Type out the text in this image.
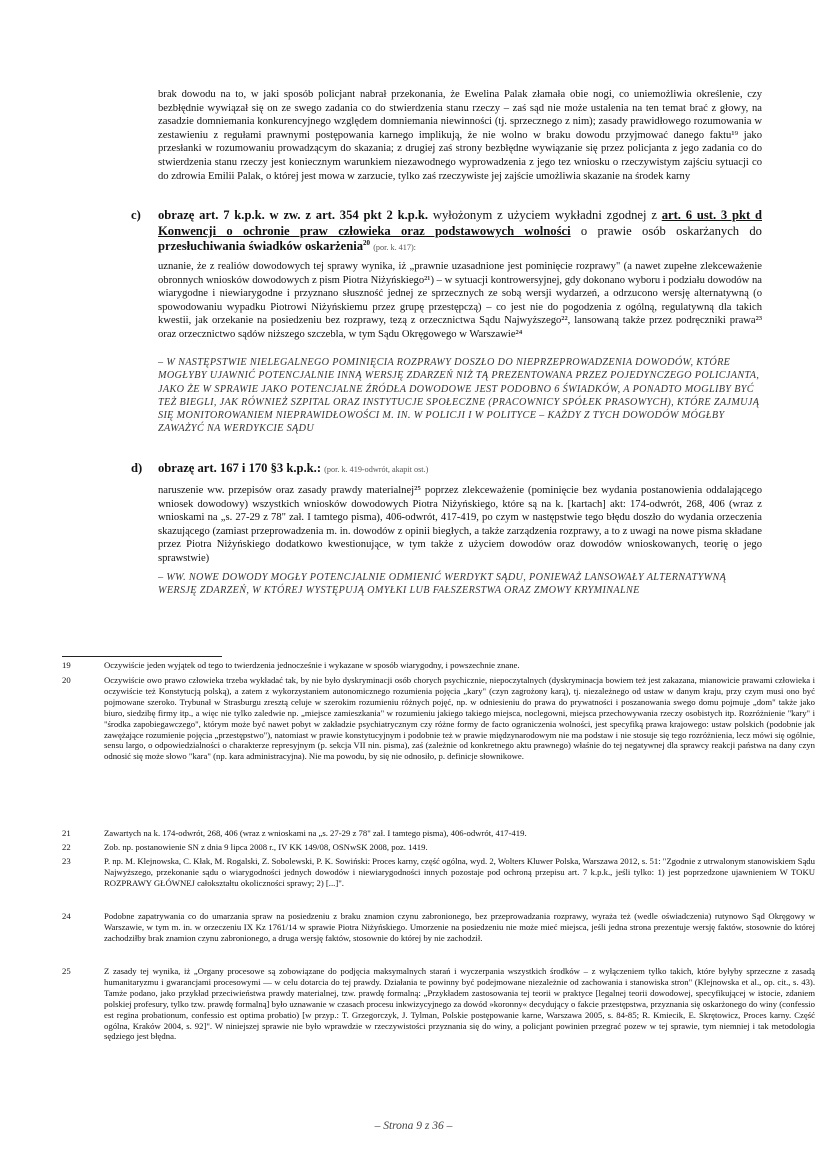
brak dowodu na to, w jaki sposób policjant nabrał przekonania, że Ewelina Palak złamała obie nogi, co uniemożliwia określenie, czy bezbłędnie wywiązał się on ze swego zadania co do stwierdzenia stanu rzeczy – zaś sąd nie może ustalenia na ten temat brać z głowy, na zasadzie domniemania konkurencyjnego względem domniemania niewinności (tj. sprzecznego z nim); zasady prawidłowego rozumowania w zestawieniu z regułami prawnymi postępowania karnego implikują, że nie wolno w braku dowodu przyjmować danego faktu¹⁹ jako przesłanki w rozumowaniu prowadzącym do skazania; z drugiej zaś strony bezbłędne wywiązanie się przez policjanta z jego zadania co do stwierdzenia stanu rzeczy jest koniecznym warunkiem niezawodnego wyprowadzenia z jego tez wniosku o rzeczywistym zajściu sytuacji co do zdrowia Emilii Palak, o której jest mowa w zarzucie, tylko zaś rzeczywiste jej zajście umożliwia skazanie na środek karny

c) obrazę art. 7 k.p.k. w zw. z art. 354 pkt 2 k.p.k. wyłożonym z użyciem wykładni zgodnej z art. 6 ust. 3 pkt d Konwencji o ochronie praw człowieka oraz podstawowych wolności o prawie osób oskarżanych do przesłuchiwania świadków oskarżenia$^{20}$ (por. k. 417):

uznanie, że z realiów dowodowych tej sprawy wynika, iż „prawnie uzasadnione jest pominięcie rozprawy" (a nawet zupełne zlekceważenie obronnych wniosków dowodowych z pism Piotra Niżyńskiego²¹) – w sytuacji kontrowersyjnej, gdy dokonano wyboru i podziału dowodów na wiarygodne i niewiarygodne i przyznano słuszność jednej ze sprzecznych ze sobą wersji wydarzeń, a odrzucono wersję alternatywną (o spowodowaniu wypadku Piotrowi Niżyńskiemu przez grupę przestępczą) – co jest nie do pogodzenia z ogólną, regulatywną dla takich kwestii, jak orzekanie na posiedzeniu bez rozprawy, tezą z orzecznictwa Sądu Najwyższego²², lansowaną także przez podręczniki prawa²³ oraz orzecznictwo sądów niższego szczebla, w tym Sądu Okręgowego w Warszawie²⁴

– W NASTĘPSTWIE NIELEGALNEGO POMINIĘCIA ROZPRAWY DOSZŁO DO NIEPRZEPROWADZENIA DOWODÓW, KTÓRE MOGŁYBY UJAWNIĆ POTENCJALNIE INNĄ WERSJĘ ZDARZEŃ NIŻ TĄ PREZENTOWANA PRZEZ POJEDYNCZEGO POLICJANTA, JAKO ŻE W SPRAWIE JAKO POTENCJALNE ŹRÓDŁA DOWODOWE JEST PODOBNO 6 ŚWIADKÓW, A PONADTO MOGLIBY BYĆ TEŻ BIEGLI, JAK RÓWNIEŻ SZPITAL ORAZ INSTYTUCJE SPOŁECZNE (PRACOWNICY SPÓŁEK PRASOWYCH), KTÓRE ZAJMUJĄ SIĘ MONITOROWANIEM NIEPRAWIDŁOWOŚCI M. IN. W POLICJI I W POLITYCE – KAŻDY Z TYCH DOWODÓW MÓGŁBY ZAWAŻYĆ NA WERDYKCIE SĄDU

d) obrazę art. 167 i 170 §3 k.p.k.: (por. k. 419-odwrót, akapit ost.)

naruszenie ww. przepisów oraz zasady prawdy materialnej²⁵ poprzez zlekceważenie (pominięcie bez wydania postanowienia oddalającego wniosek dowodowy) wszystkich wniosków dowodowych Piotra Niżyńskiego, które są na k. [kartach] akt: 174-odwrót, 268, 406 (wraz z wnioskami na „s. 27-29 z 78" zał. I tamtego pisma), 406-odwrót, 417-419, po czym w następstwie tego błędu doszło do wydania orzeczenia skazującego (zamiast przeprowadzenia m. in. dowodów z opinii biegłych, a także zarządzenia rozprawy, a to z uwagi na nowe pisma składane przez Piotra Niżyńskiego dodatkowo kwestionujące, w tym także z użyciem dowodów oraz dowodów wnioskowanych, teorię o jego sprawstwie)

– WW. NOWE DOWODY MOGŁY POTENCJALNIE ODMIENIĆ WERDYKT SĄDU, PONIEWAŻ LANSOWAŁY ALTERNATYWNĄ WERSJĘ ZDARZEŃ, W KTÓREJ WYSTĘPUJĄ OMYŁKI LUB FAŁSZERSTWA ORAZ ZMOWY KRYMINALNE

19	Oczywiście jeden wyjątek od tego to twierdzenia jednocześnie i wykazane w sposób wiarygodny, i powszechnie znane.
20	Oczywiście owo prawo człowieka trzeba wykładać tak, by nie było dyskryminacji osób chorych psychicznie, niepoczytalnych (dyskryminacja bowiem też jest zakazana, mianowicie prawami człowieka i oczywiście też Konstytucją polską), a zatem z wykorzystaniem autonomicznego rozumienia pojęcia „kary" (czyn zagrożony karą), tj. niezależnego od ustaw w danym kraju, przy czym musi ono być pojmowane szeroko. Trybunał w Strasburgu zresztą celuje w szerokim rozumieniu różnych pojęć, np. w odniesieniu do prawa do prywatności i poszanowania swego domu pojmuje „dom" także jako biuro, siedzibę firmy itp., a więc nie tylko zaledwie np. „miejsce zamieszkania" w rozumieniu jakiego takiego miejsca, noclegowni, miejsca przechowywania rzeczy osobistych itp. Rozróżnienie "kary" i "środka zapobiegawczego", którym może być nawet pobyt w zakładzie psychiatrycznym czy różne formy de facto ograniczenia wolności, jest specyfiką prawa krajowego: ustaw polskich (podobnie jak zawężające rozumienie pojęcia „przestępstwo"), natomiast w prawie konstytucyjnym i podobnie też w prawie międzynarodowym nie ma podstaw i nie stosuje się tego rozróżnienia, lecz mówi się ogólnie, sensu largo, o odpowiedzialności o charakterze represyjnym (p. sekcja VII nin. pisma), zaś (zależnie od konkretnego aktu prawnego) właśnie do tej negatywnej dla sprawcy reakcji państwa na dany czyn odnosić się może słowo "kara" (np. kara administracyjna). Nie ma powodu, by się nie odnosiło, p. definicje słownikowe.
21	Zawartych na k. 174-odwrót, 268, 406 (wraz z wnioskami na „s. 27-29 z 78" zał. I tamtego pisma), 406-odwrót, 417-419.
22	Zob. np. postanowienie SN z dnia 9 lipca 2008 r., IV KK 149/08, OSNwSK 2008, poz. 1419.
23	P. np. M. Klejnowska, C. Kłak, M. Rogalski, Z. Sobolewski, P. K. Sowiński: Proces karny, część ogólna, wyd. 2, Wolters Kluwer Polska, Warszawa 2012, s. 51: "Zgodnie z utrwalonym stanowiskiem Sądu Najwyższego, przekonanie sądu o wiarygodności jednych dowodów i niewiarygodności innych pozostaje pod ochroną przepisu art. 7 k.p.k., jeśli tylko: 1) jest poprzedzone ujawnieniem W TOKU ROZPRAWY GŁÓWNEJ całokształtu okoliczności sprawy; 2) [...]".
24	Podobne zapatrywania co do umarzania spraw na posiedzeniu z braku znamion czynu zabronionego, bez przeprowadzania rozprawy, wyraża też (wedle oświadczenia) rutynowo Sąd Okręgowy w Warszawie, w tym m. in. w orzeczeniu IX Kz 1761/14 w sprawie Piotra Niżyńskiego. Umorzenie na posiedzeniu nie może mieć miejsca, jeśli jedna strona prezentuje wersję faktów, stosownie do której zachodziłby brak znamion czynu zabronionego, a druga wersję faktów, stosownie do której by nie zachodził.
25	Z zasady tej wynika, iż „Organy procesowe są zobowiązane do podjęcia maksymalnych starań i wyczerpania wszystkich środków – z wyłączeniem tylko takich, które byłyby sprzeczne z zasadą humanitaryzmu i gwarancjami procesowymi — w celu dotarcia do tej prawdy. Działania te powinny być podejmowane niezależnie od zachowania i stanowiska stron" (Klejnowska et al., op. cit., s. 43). Tamże podano, jako przykład przeciwieństwa prawdy materialnej, tzw. prawdę formalną: „Przykładem zastosowania tej teorii w praktyce [legalnej teorii dowodowej, specyfikującej w istocie, zdaniem polskiej profesury, tylko tzw. prawdę formalną] było uznawanie w czasach procesu inkwizycyjnego za dowód »koronny« decydujący o fakcie przestępstwa, przyznania się oskarżonego do winy (confessio est regina probationum, confessio est optima probatio) [w przyp.: T. Grzegorczyk, J. Tylman, Polskie postępowanie karne, Warszawa 2005, s. 84-85; R. Kmiecik, E. Skrętowicz, Proces karny. Część ogólna, Kraków 2004, s. 92]". W niniejszej sprawie nie było wprawdzie w rzeczywistości przyznania się do winy, a policjant powinien przegrać pozew w tej sprawie, tym niemniej i tak metodologia sędziego jest błędna.
– Strona 9 z 36 –
